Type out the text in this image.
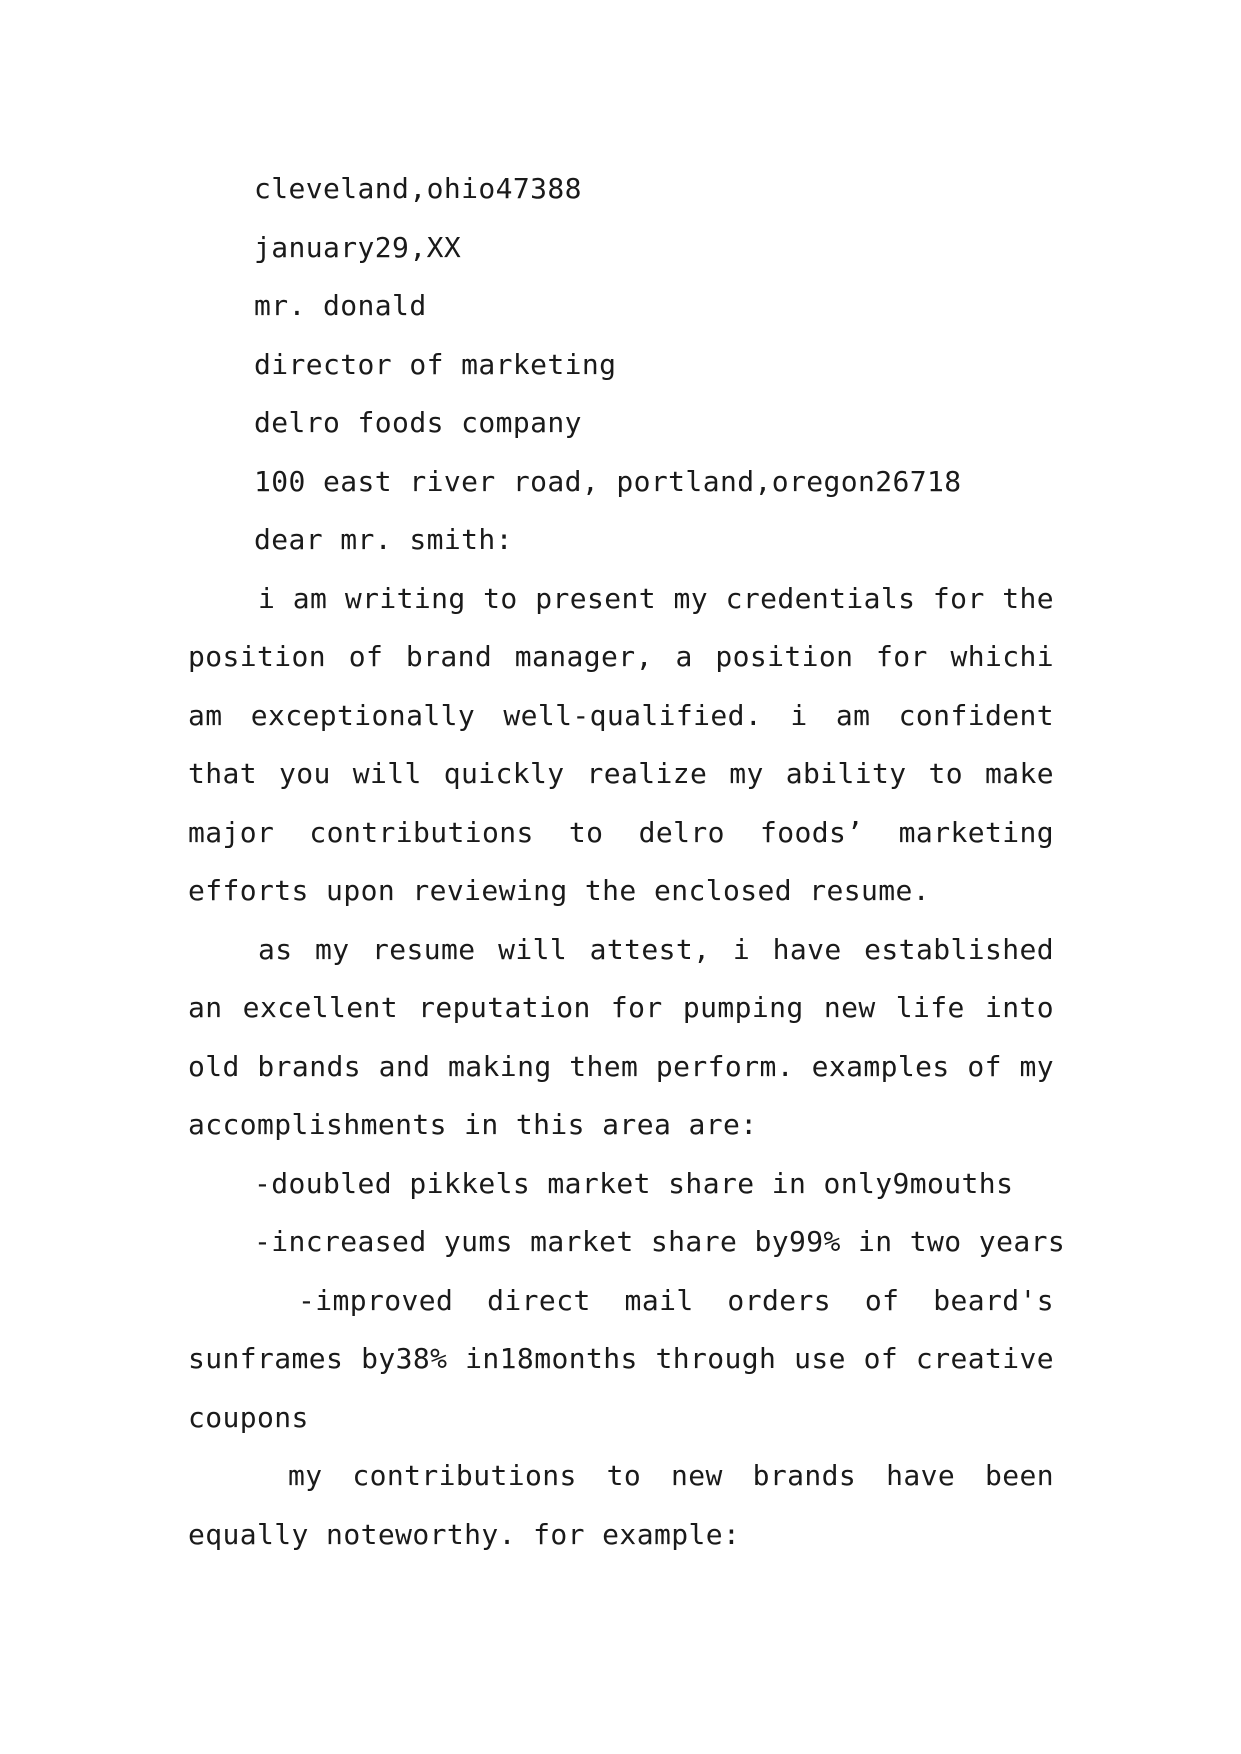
cleveland,ohio47388

january29,XX

mr. donald

director of marketing

delro foods company

100 east river road, portland,oregon26718

dear mr. smith:

i am writing to present my credentials for the position of brand manager, a position for whichi am exceptionally well-qualified. i am confident that you will quickly realize my ability to make major contributions to delro foods’ marketing efforts upon reviewing the enclosed resume.

as my resume will attest, i have established an excellent reputation for pumping new life into old brands and making them perform. examples of my accomplishments in this area are:

-doubled pikkels market share in only9mouths

-increased yums market share by99% in two years

-improved direct mail orders of beard's sunframes by38% in18months through use of creative coupons

my contributions to new brands have been equally noteworthy. for example:
